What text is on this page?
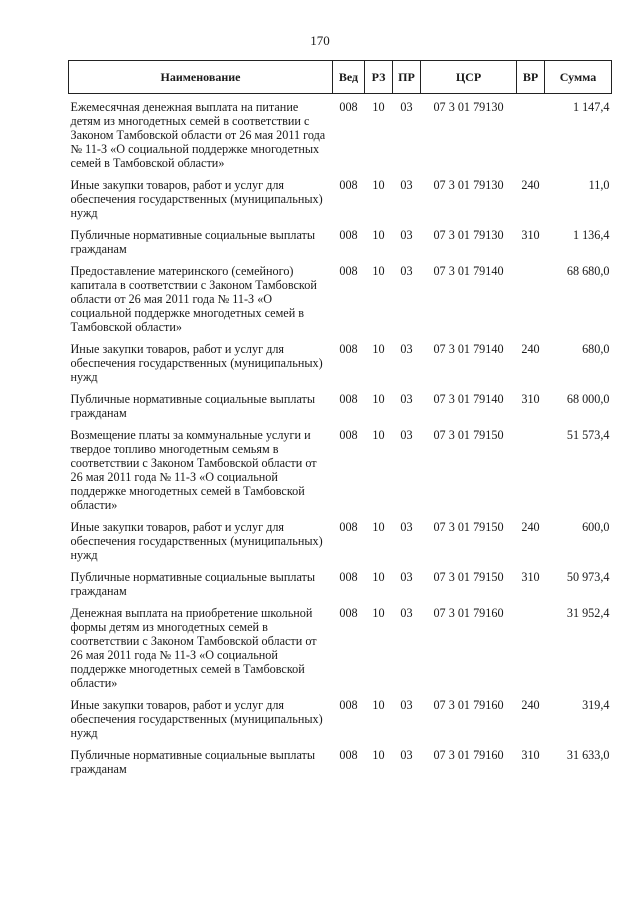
170
Наименование	Вед	РЗ	ПР	ЦСР	ВР	Сумма
Ежемесячная денежная выплата на питание детям из многодетных семей в соответствии с Законом Тамбовской области от 26 мая 2011 года № 11-З «О социальной поддержке многодетных семей в Тамбовской области»	008	10	03	07 3 01 79130		1 147,4
Иные закупки товаров, работ и услуг для обеспечения государственных (муниципальных) нужд	008	10	03	07 3 01 79130	240	11,0
Публичные нормативные социальные выплаты гражданам	008	10	03	07 3 01 79130	310	1 136,4
Предоставление материнского (семейного) капитала в соответствии с Законом Тамбовской области от 26 мая 2011 года № 11-З «О социальной поддержке многодетных семей в Тамбовской области»	008	10	03	07 3 01 79140		68 680,0
Иные закупки товаров, работ и услуг для обеспечения государственных (муниципальных) нужд	008	10	03	07 3 01 79140	240	680,0
Публичные нормативные социальные выплаты гражданам	008	10	03	07 3 01 79140	310	68 000,0
Возмещение платы за коммунальные услуги и твердое топливо многодетным семьям в соответствии с Законом Тамбовской области от 26 мая 2011 года № 11-З «О социальной поддержке многодетных семей в Тамбовской области»	008	10	03	07 3 01 79150		51 573,4
Иные закупки товаров, работ и услуг для обеспечения государственных (муниципальных) нужд	008	10	03	07 3 01 79150	240	600,0
Публичные нормативные социальные выплаты гражданам	008	10	03	07 3 01 79150	310	50 973,4
Денежная выплата на приобретение школьной формы детям из многодетных семей в соответствии с Законом Тамбовской области от 26 мая 2011 года № 11-З «О социальной поддержке многодетных семей в Тамбовской области»	008	10	03	07 3 01 79160		31 952,4
Иные закупки товаров, работ и услуг для обеспечения государственных (муниципальных) нужд	008	10	03	07 3 01 79160	240	319,4
Публичные нормативные социальные выплаты гражданам	008	10	03	07 3 01 79160	310	31 633,0
